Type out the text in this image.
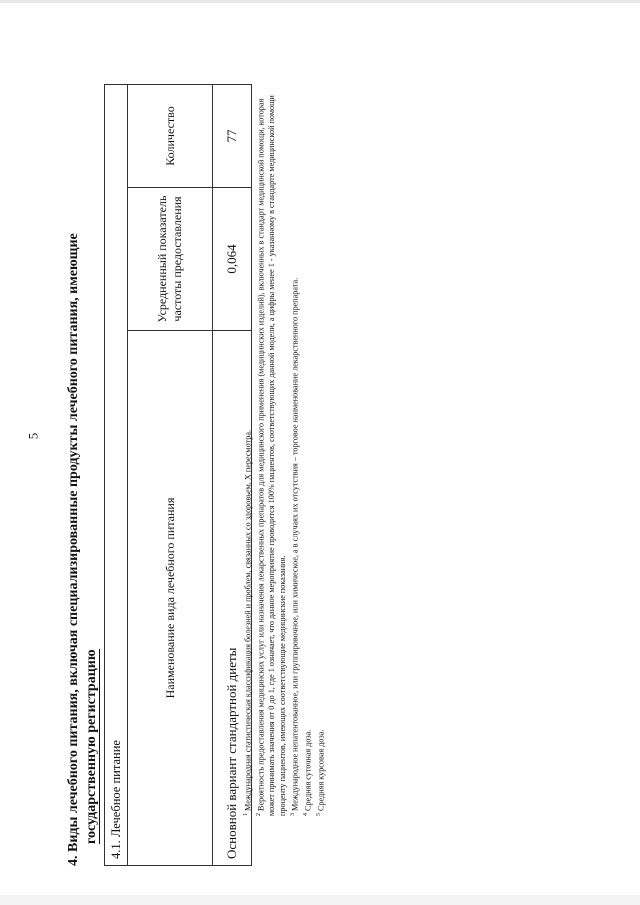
5

4. Виды лечебного питания, включая специализированные продукты лечебного питания, имеющие государственную регистрацию 4.1. Лечебное питание		
Наименование вида лечебного питания	Усредненный показатель частоты предоставления	Количество
Основной вариант стандартной диеты	0,064	77

$^1$ Международная статистическая классификация болезней и проблем, связанных со здоровьем, X пересмотра.

$^2$ Вероятность предоставления медицинских услуг или назначения лекарственных препаратов для медицинского применения (медицинских изделий), включенных в стандарт медицинской помощи, которая может принимать значения от 0 до 1, где 1 означает, что данное мероприятие проводится 100% пациентов, соответствующих данной модели, а цифры менее 1 - указанному в стандарте медицинской помощи проценту пациентов, имеющих соответствующие медицинские показания. $^3$ Международное непатентованное, или группировочное, или химическое, а в случаях их отсутствия – торговое наименование лекарственного препарата.

$^4$ Средняя суточная доза.

$^5$ Средняя курсовая доза.
